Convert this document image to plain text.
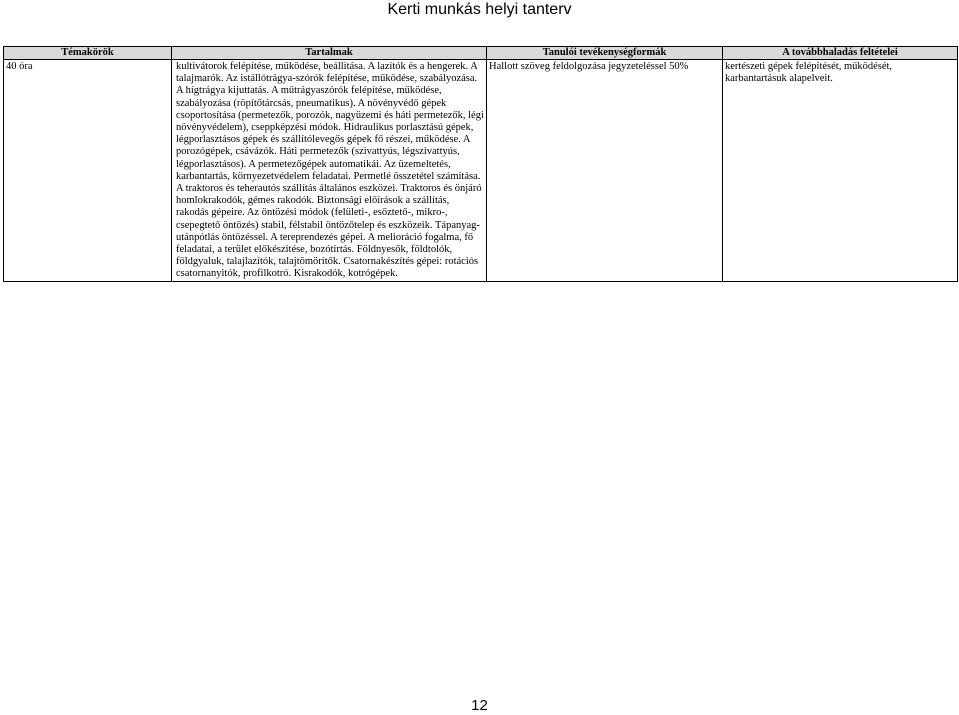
Kerti munkás helyi tanterv
Témakörök	Tartalmak	Tanulói tevékenységformák	A továbbhaladás feltételei
40 óra	kultivátorok felépítése, működése, beállítása. A lazítók és a hengerek. A talajmarók. Az istállótrágya-szórók felépítése, működése, szabályozása. A hígtrágya kijuttatás. A műtrágyaszórók felépítése, működése, szabályozása (röpítőtárcsás, pneumatikus). A növényvédő gépek csoportosítása (permetezők, porozók, nagyüzemi és háti permetezők, légi növényvédelem), cseppképzési módok. Hidraulikus porlasztású gépek, légporlasztásos gépek és szállítólevegős gépek fő részei, működése. A porozógépek, csávázók. Háti permetezők (szivattyús, légszivattyús, légporlasztásos). A permetezőgépek automatikái. Az üzemeltetés, karbantartás, környezetvédelem feladatai. Permetlé összetétel számítása. A traktoros és teherautós szállítás általános eszközei. Traktoros és önjáró homlokrakodók, gémes rakodók. Biztonsági előírások a szállítás, rakodás gépeire. Az öntözési módok (felületi-, esőztető-, mikro-, csepegtető öntözés) stabil, félstabil öntözőtelep és eszközeik. Tápanyag-utánpótlás öntözéssel. A tereprendezés gépei. A melioráció fogalma, fő feladatai, a terület előkészítése, bozótirtás. Földnyesők, földtolók, földgyaluk, talajlazítók, talajtömörítők. Csatornakészítés gépei: rotációs csatornanyitók, profilkotró. Kisrakodók, kotrógépek.	Hallott szöveg feldolgozása jegyzeteléssel 50%	kertészeti gépek felépítését, működését, karbantartásuk alapelveit.
12
